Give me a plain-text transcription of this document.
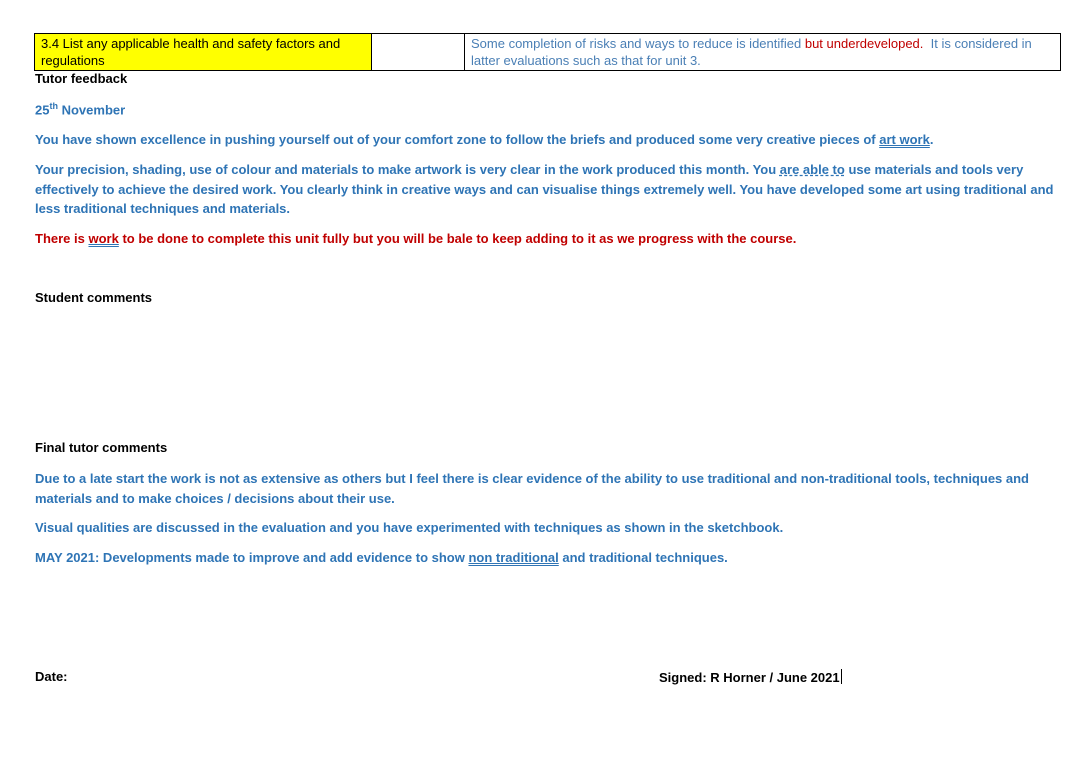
3.4 List any applicable health and safety factors and regulations		Some completion of risks and ways to reduce is identified but underdeveloped. It is considered in latter evaluations such as that for unit 3.
Tutor feedback
25th November
You have shown excellence in pushing yourself out of your comfort zone to follow the briefs and produced some very creative pieces of art work.
Your precision, shading, use of colour and materials to make artwork is very clear in the work produced this month. You are able to use materials and tools very effectively to achieve the desired work. You clearly think in creative ways and can visualise things extremely well. You have developed some art using traditional and less traditional techniques and materials.
There is work to be done to complete this unit fully but you will be bale to keep adding to it as we progress with the course.
Student comments
Final tutor comments
Due to a late start the work is not as extensive as others but I feel there is clear evidence of the ability to use traditional and non-traditional tools, techniques and materials and to make choices / decisions about their use.
Visual qualities are discussed in the evaluation and you have experimented with techniques as shown in the sketchbook.
MAY 2021: Developments made to improve and add evidence to show non traditional and traditional techniques.
Date:	Signed: R Horner / June 2021
